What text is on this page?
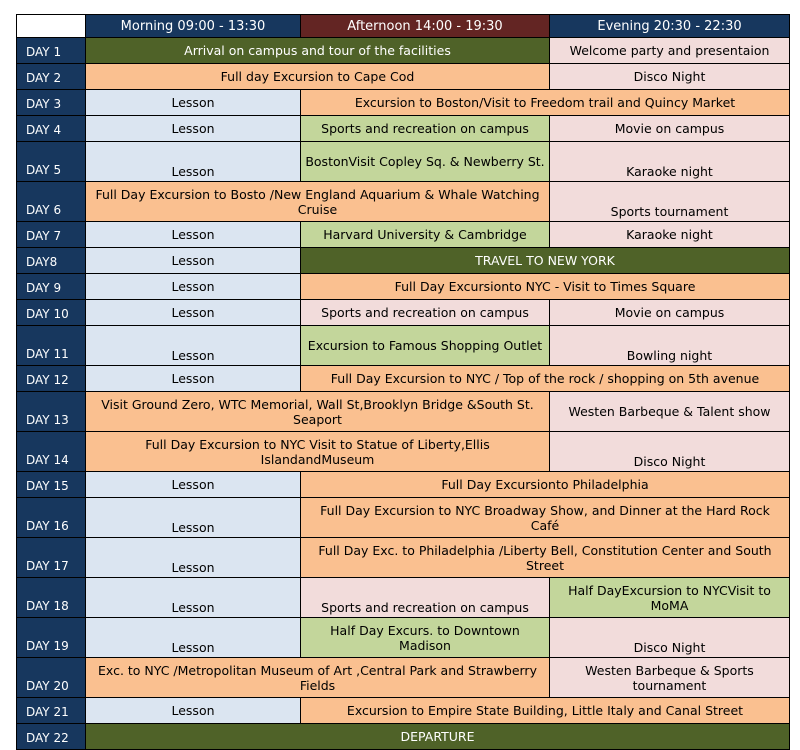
	Morning 09:00 - 13:30	Afternoon 14:00 - 19:30	Evening 20:30 - 22:30
DAY 1	Arrival on campus and tour of the facilities		Welcome party and presentaion
DAY 2	Full day Excursion to Cape Cod		Disco Night
DAY 3	Lesson	Excursion to Boston/Visit to Freedom trail and Quincy Market	
DAY 4	Lesson	Sports and recreation on campus	Movie on campus
DAY 5	Lesson	BostonVisit Copley Sq. & Newberry St.	Karaoke night
DAY 6	Full Day Excursion to Bosto /New England Aquarium & Whale Watching Cruise		Sports tournament
DAY 7	Lesson	Harvard University & Cambridge	Karaoke night
DAY8	Lesson	TRAVEL TO NEW YORK	
DAY 9	Lesson	Full Day Excursionto NYC - Visit to Times Square	
DAY 10	Lesson	Sports and recreation on campus	Movie on campus
DAY 11	Lesson	Excursion to Famous Shopping Outlet	Bowling night
DAY 12	Lesson	Full Day Excursion to NYC / Top of the rock / shopping on 5th avenue	
DAY 13	Visit Ground Zero, WTC Memorial, Wall St,Brooklyn Bridge &South St. Seaport		Westen Barbeque & Talent show
DAY 14	Full Day Excursion to NYC Visit to Statue of Liberty,Ellis IslandandMuseum		Disco Night
DAY 15	Lesson	Full Day Excursionto Philadelphia	
DAY 16	Lesson	Full Day Excursion to NYC Broadway Show, and Dinner at the Hard Rock Café	
DAY 17	Lesson	Full Day Exc. to Philadelphia /Liberty Bell, Constitution Center and South Street	
DAY 18	Lesson	Sports and recreation on campus	Half DayExcursion to NYCVisit to MoMA
DAY 19	Lesson	Half Day Excurs. to Downtown Madison	Disco Night
DAY 20	Exc. to NYC /Metropolitan Museum of Art ,Central Park and Strawberry Fields		Westen Barbeque & Sports tournament
DAY 21	Lesson	Excursion to Empire State Building, Little Italy and Canal Street	
DAY 22	DEPARTURE		
